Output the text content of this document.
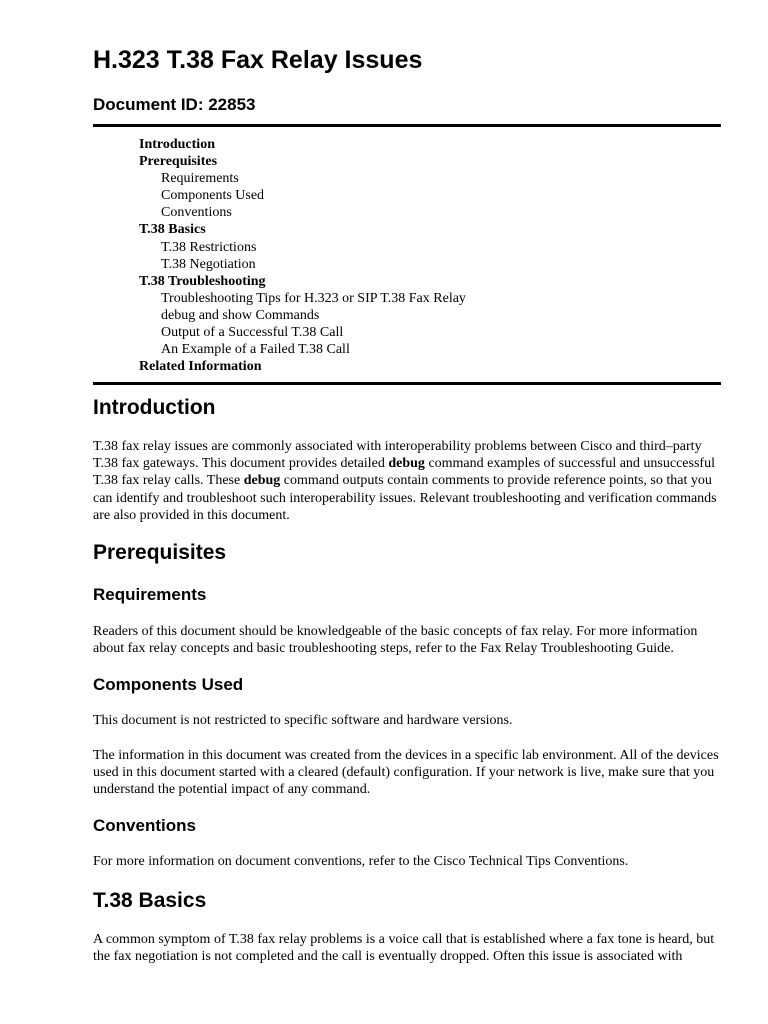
H.323 T.38 Fax Relay Issues
Document ID: 22853
Introduction
Prerequisites
Requirements
Components Used
Conventions
T.38 Basics
T.38 Restrictions
T.38 Negotiation
T.38 Troubleshooting
Troubleshooting Tips for H.323 or SIP T.38 Fax Relay
debug and show Commands
Output of a Successful T.38 Call
An Example of a Failed T.38 Call
Related Information
Introduction

T.38 fax relay issues are commonly associated with interoperability problems between Cisco and third–party T.38 fax gateways. This document provides detailed debug command examples of successful and unsuccessful T.38 fax relay calls. These debug command outputs contain comments to provide reference points, so that you can identify and troubleshoot such interoperability issues. Relevant troubleshooting and verification commands are also provided in this document.

Prerequisites
Requirements

Readers of this document should be knowledgeable of the basic concepts of fax relay. For more information about fax relay concepts and basic troubleshooting steps, refer to the Fax Relay Troubleshooting Guide.

Components Used

This document is not restricted to specific software and hardware versions.

The information in this document was created from the devices in a specific lab environment. All of the devices used in this document started with a cleared (default) configuration. If your network is live, make sure that you understand the potential impact of any command.

Conventions

For more information on document conventions, refer to the Cisco Technical Tips Conventions.

T.38 Basics

A common symptom of T.38 fax relay problems is a voice call that is established where a fax tone is heard, but the fax negotiation is not completed and the call is eventually dropped. Often this issue is associated with
